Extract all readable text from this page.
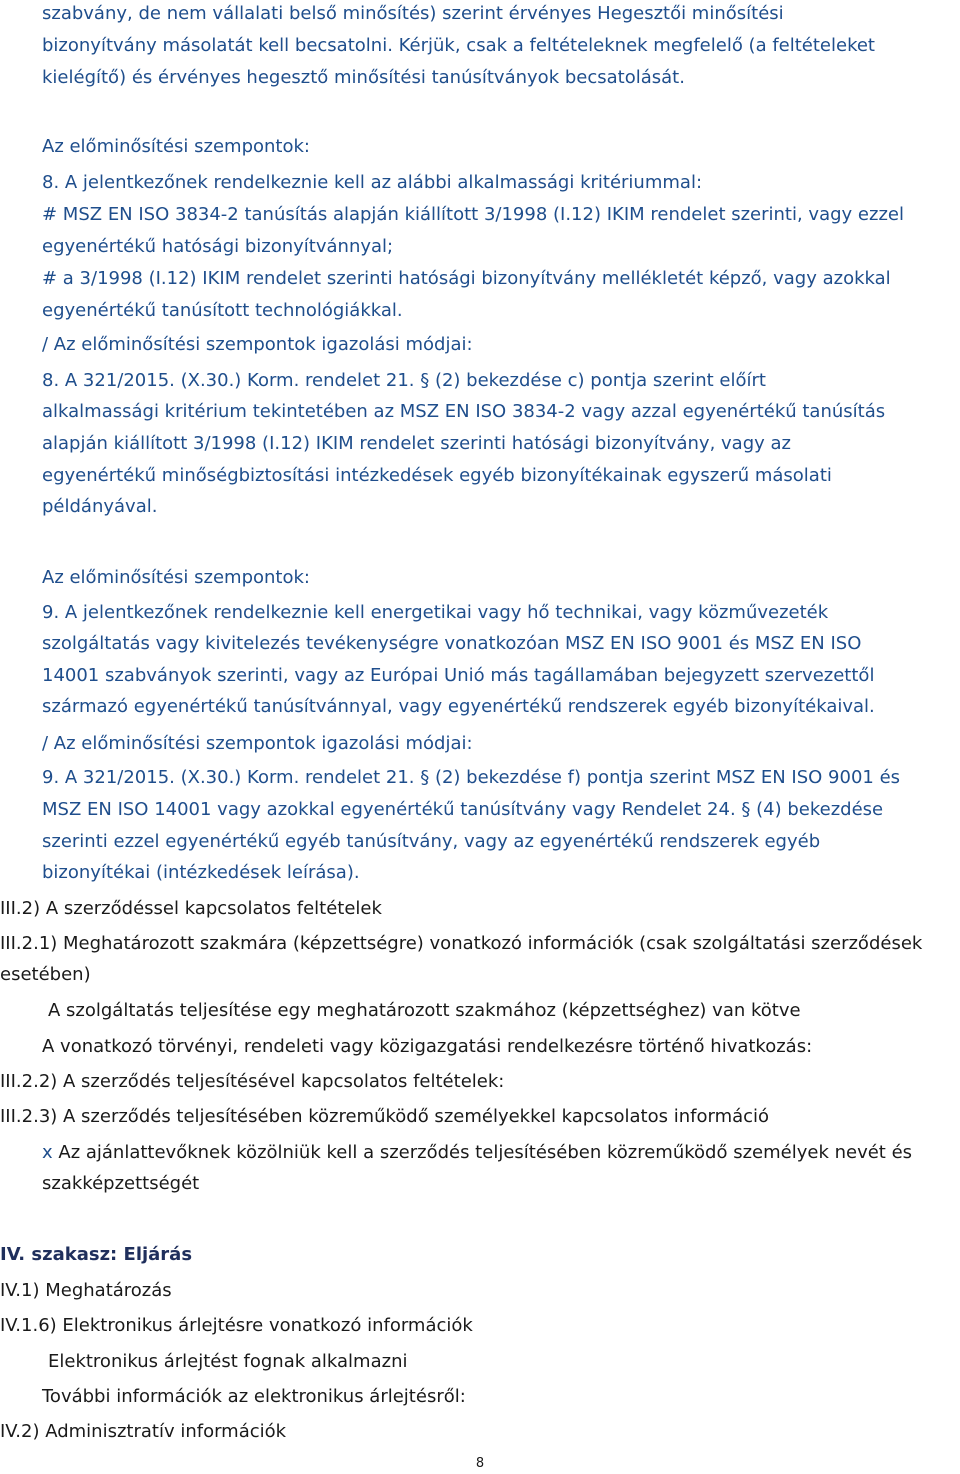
szabvány, de nem vállalati belső minősítés) szerint érvényes Hegesztői minősítési
bizonyítvány másolatát kell becsatolni. Kérjük, csak a feltételeknek megfelelő (a feltételeket
kielégítő) és érvényes hegesztő minősítési tanúsítványok becsatolását.
Az előminősítési szempontok:
8. A jelentkezőnek rendelkeznie kell az alábbi alkalmassági kritériummal:
# MSZ EN ISO 3834-2 tanúsítás alapján kiállított 3/1998 (I.12) IKIM rendelet szerinti, vagy ezzel
egyenértékű hatósági bizonyítvánnyal;
# a 3/1998 (I.12) IKIM rendelet szerinti hatósági bizonyítvány mellékletét képző, vagy azokkal
egyenértékű tanúsított technológiákkal.
/ Az előminősítési szempontok igazolási módjai:
8. A 321/2015. (X.30.) Korm. rendelet 21. § (2) bekezdése c) pontja szerint előírt
alkalmassági kritérium tekintetében az MSZ EN ISO 3834-2 vagy azzal egyenértékű tanúsítás
alapján kiállított 3/1998 (I.12) IKIM rendelet szerinti hatósági bizonyítvány, vagy az
egyenértékű minőségbiztosítási intézkedések egyéb bizonyítékainak egyszerű másolati
példányával.
Az előminősítési szempontok:
9. A jelentkezőnek rendelkeznie kell energetikai vagy hő technikai, vagy közművezeték
szolgáltatás vagy kivitelezés tevékenységre vonatkozóan MSZ EN ISO 9001 és MSZ EN ISO
14001 szabványok szerinti, vagy az Európai Unió más tagállamában bejegyzett szervezettől
származó egyenértékű tanúsítvánnyal, vagy egyenértékű rendszerek egyéb bizonyítékaival.
/ Az előminősítési szempontok igazolási módjai:
9. A 321/2015. (X.30.) Korm. rendelet 21. § (2) bekezdése f) pontja szerint MSZ EN ISO 9001 és
MSZ EN ISO 14001 vagy azokkal egyenértékű tanúsítvány vagy Rendelet 24. § (4) bekezdése
szerinti ezzel egyenértékű egyéb tanúsítvány, vagy az egyenértékű rendszerek egyéb
bizonyítékai (intézkedések leírása).
III.2) A szerződéssel kapcsolatos feltételek
III.2.1) Meghatározott szakmára (képzettségre) vonatkozó információk (csak szolgáltatási szerződések
esetében)
A szolgáltatás teljesítése egy meghatározott szakmához (képzettséghez) van kötve
A vonatkozó törvényi, rendeleti vagy közigazgatási rendelkezésre történő hivatkozás:
III.2.2) A szerződés teljesítésével kapcsolatos feltételek:
III.2.3) A szerződés teljesítésében közreműködő személyekkel kapcsolatos információ
x Az ajánlattevőknek közölniük kell a szerződés teljesítésében közreműködő személyek nevét és
szakképzettségét
IV. szakasz: Eljárás
IV.1) Meghatározás
IV.1.6) Elektronikus árlejtésre vonatkozó információk
Elektronikus árlejtést fognak alkalmazni
További információk az elektronikus árlejtésről:
IV.2) Adminisztratív információk
8
